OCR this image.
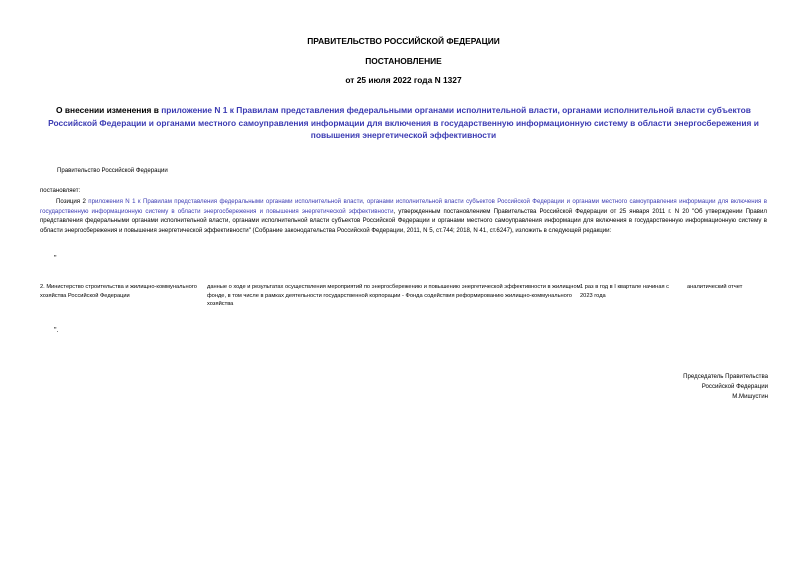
ПРАВИТЕЛЬСТВО РОССИЙСКОЙ ФЕДЕРАЦИИ
ПОСТАНОВЛЕНИЕ
от 25 июля 2022 года N 1327
О внесении изменения в приложение N 1 к Правилам представления федеральными органами исполнительной власти, органами исполнительной власти субъектов Российской Федерации и органами местного самоуправления информации для включения в государственную информационную систему в области энергосбережения и повышения энергетической эффективности
Правительство Российской Федерации
постановляет:
Позиция 2 приложения N 1 к Правилам представления федеральными органами исполнительной власти, органами исполнительной власти субъектов Российской Федерации и органами местного самоуправления информации для включения в государственную информационную систему в области энергосбережения и повышения энергетической эффективности, утвержденным постановлением Правительства Российской Федерации от 25 января 2011 г. N 20 "Об утверждении Правил представления федеральными органами исполнительной власти, органами исполнительной власти субъектов Российской Федерации и органами местного самоуправления информации для включения в государственную информационную систему в области энергосбережения и повышения энергетической эффективности" (Собрание законодательства Российской Федерации, 2011, N 5, ст.744; 2018, N 41, ст.6247), изложить в следующей редакции:
"
2. Министерство строительства и жилищно-коммунального хозяйства Российской Федерации
данные о ходе и результатах осуществления мероприятий по энергосбережению и повышению энергетической эффективности в жилищном фонде, в том числе в рамках деятельности государственной корпорации - Фонда содействия реформированию жилищно-коммунального хозяйства
1 раз в год в I квартале начиная с 2023 года
аналитический отчет
".
Председатель Правительства
Российской Федерации
М.Мишустин
